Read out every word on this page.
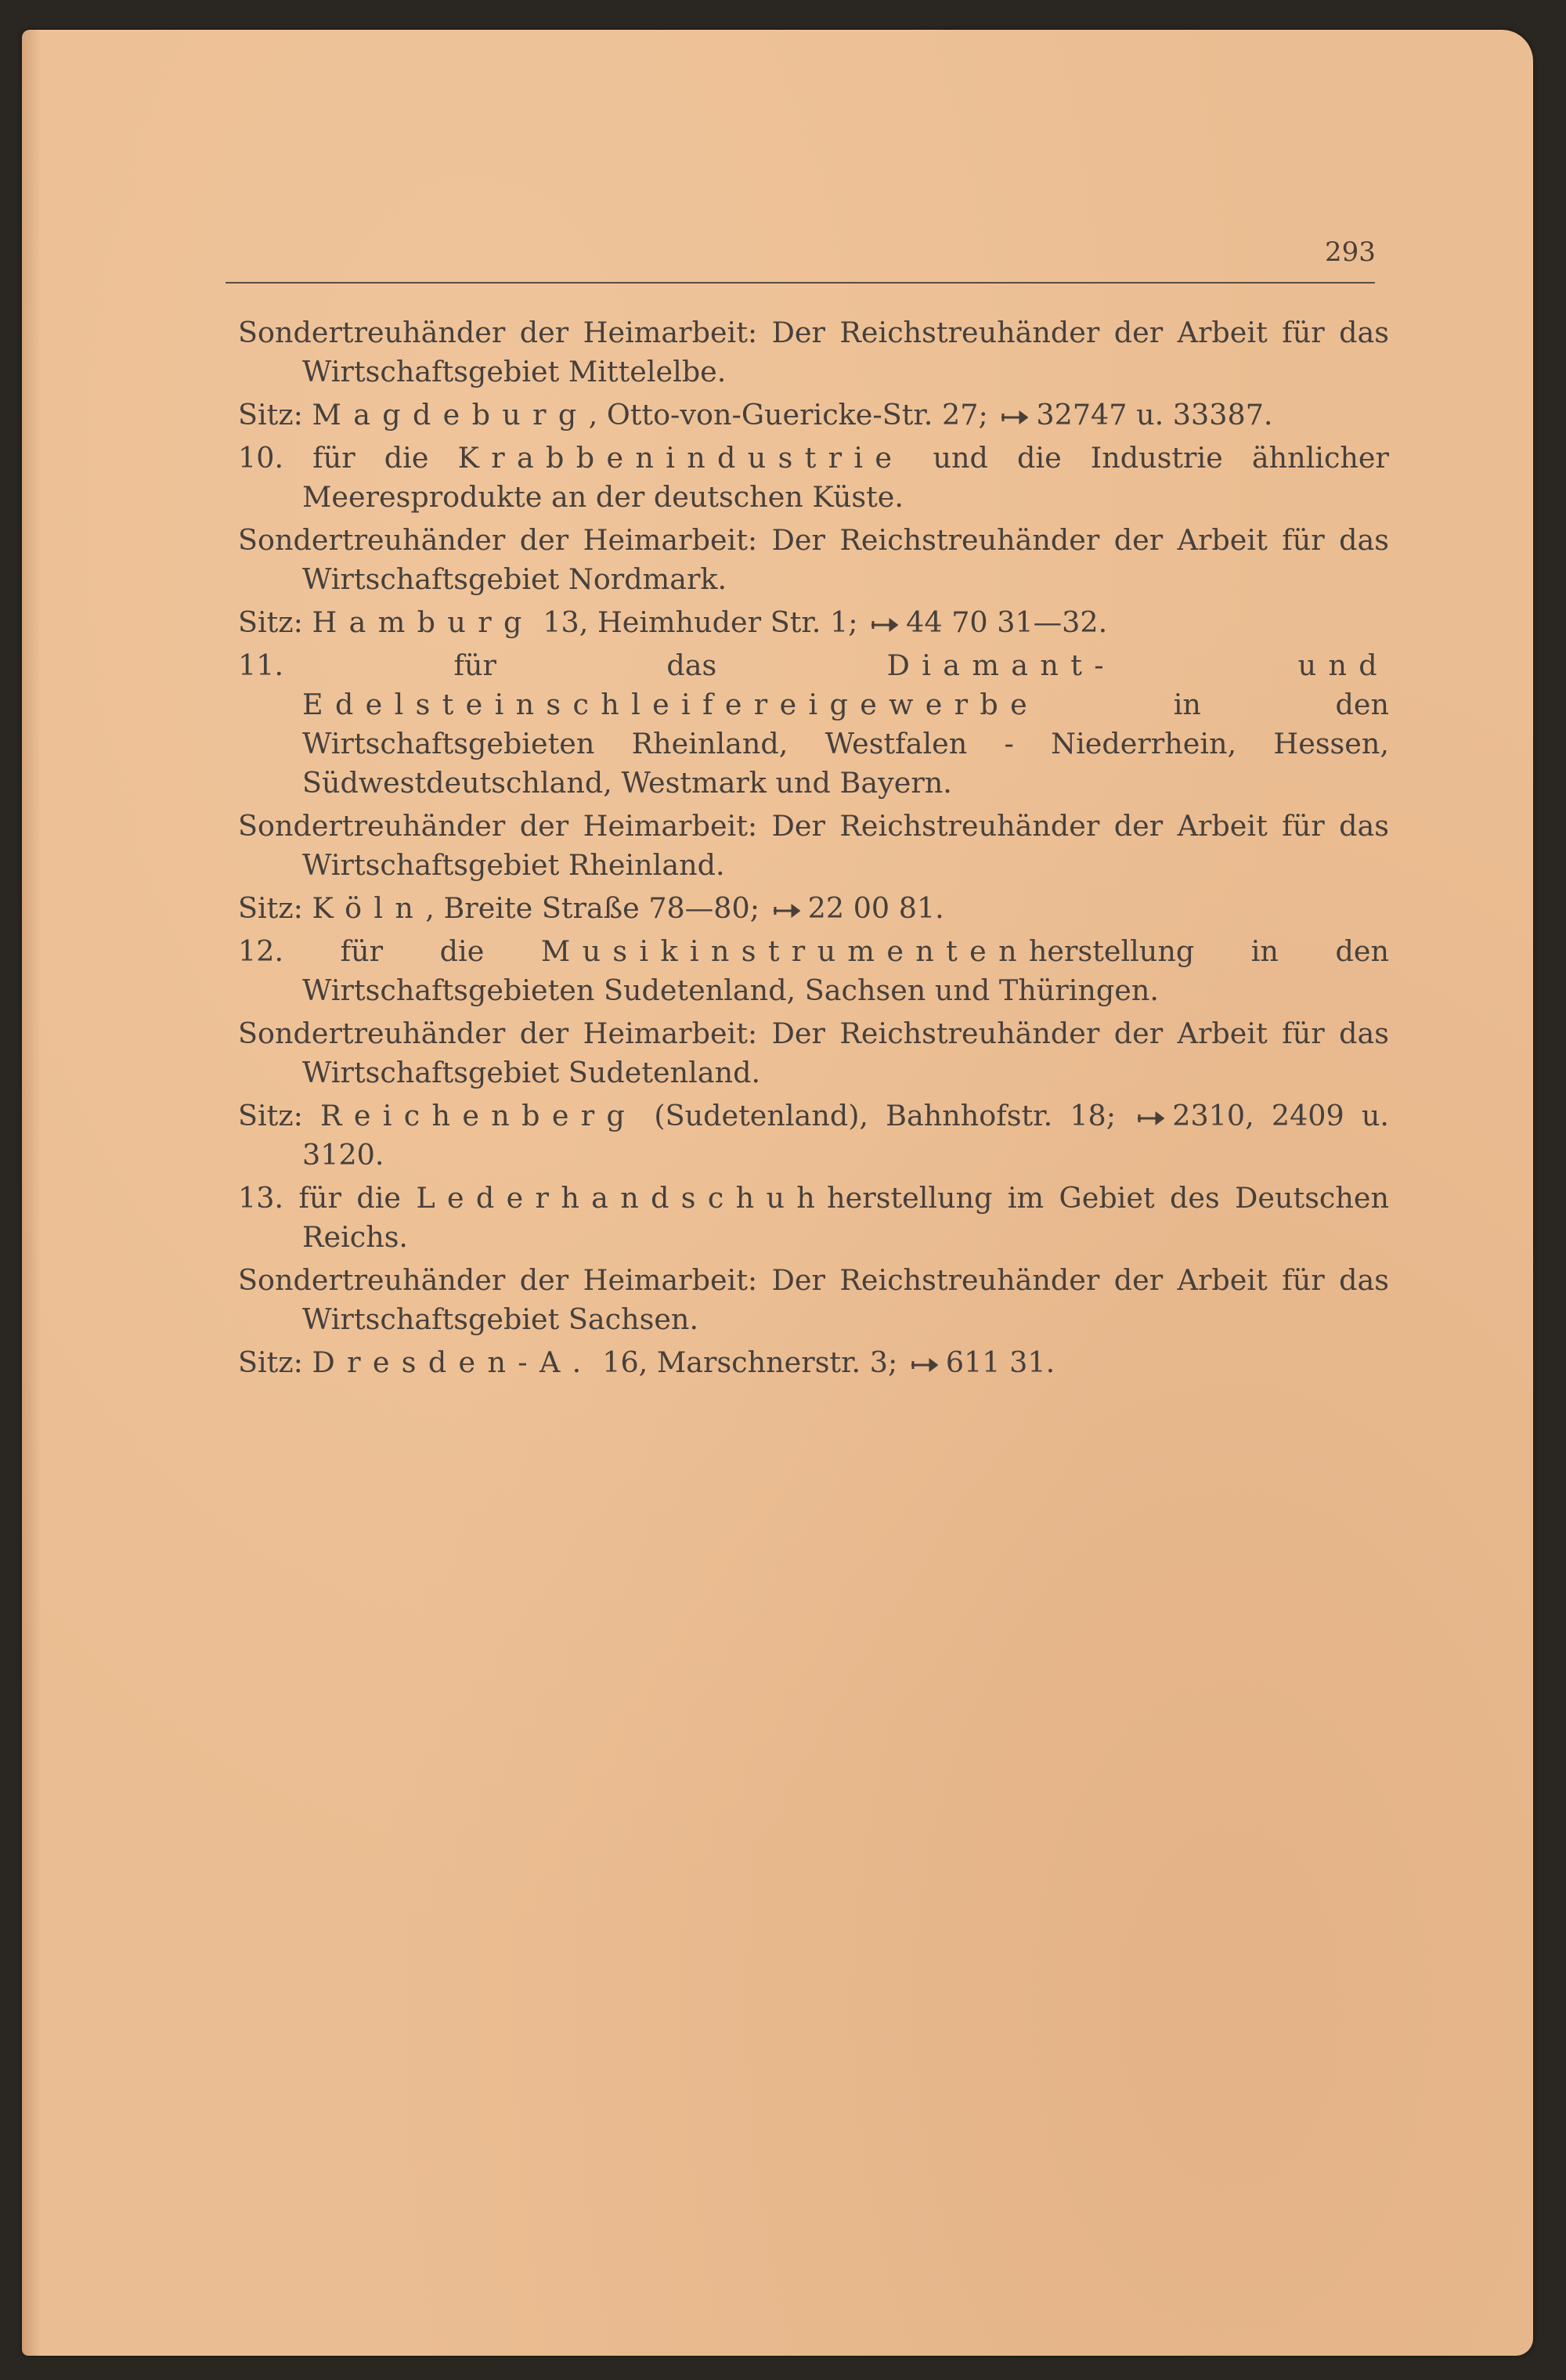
293

Sondertreuhänder der Heimarbeit: Der Reichstreuhänder der Arbeit für das Wirtschaftsgebiet Mittelelbe.

Sitz: Magdeburg, Otto-von-Guericke-Str. 27; 32747 u. 33387.

10. für die Krabbenindustrie und die Industrie ähnlicher Meeresprodukte an der deutschen Küste.

Sondertreuhänder der Heimarbeit: Der Reichstreuhänder der Arbeit für das Wirtschaftsgebiet Nordmark.

Sitz: Hamburg 13, Heimhuder Str. 1; 44 70 31—32.

11.	für das	Diamant- und Edelsteinschleifereigewerbe	in den Wirtschaftsgebieten Rheinland, Westfalen - Niederrhein, Hessen, Südwestdeutschland, Westmark und Bayern.

Sondertreuhänder der Heimarbeit: Der Reichstreuhänder der Arbeit für das Wirtschaftsgebiet Rheinland.

Sitz: Köln, Breite Straße 78—80; 22 00 81.

12. für die Musikinstrumentenherstellung in den Wirtschaftsgebieten Sudetenland, Sachsen und Thüringen.

Sondertreuhänder der Heimarbeit: Der Reichstreuhänder der Arbeit für das Wirtschaftsgebiet Sudetenland.

Sitz: Reichenberg (Sudetenland), Bahnhofstr. 18; 2310, 2409 u. 3120.

13. für die Lederhandschuhherstellung im Gebiet des Deutschen Reichs.

Sondertreuhänder der Heimarbeit: Der Reichstreuhänder der Arbeit für das Wirtschaftsgebiet Sachsen.

Sitz: Dresden-A. 16, Marschnerstr. 3; 611 31.
